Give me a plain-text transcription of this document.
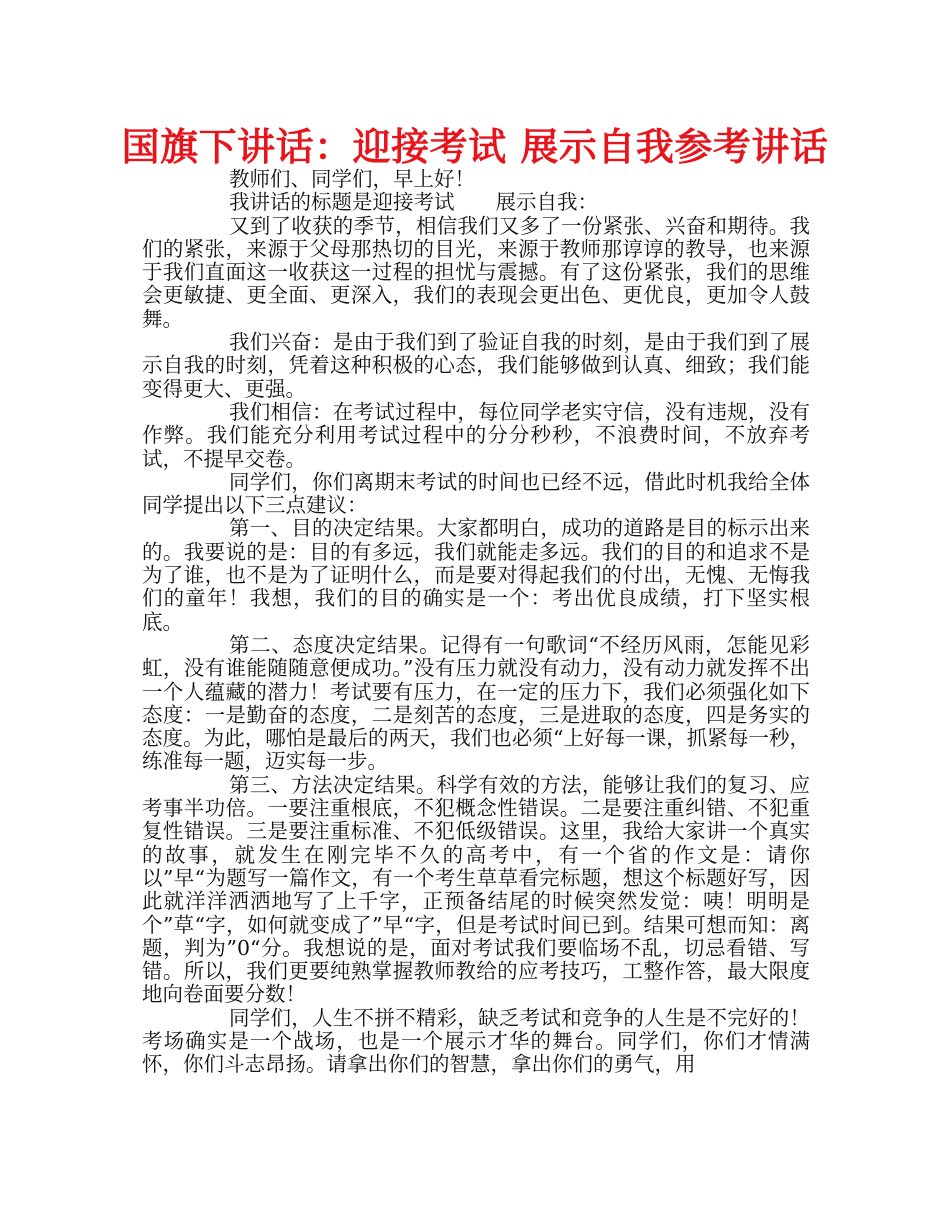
国旗下讲话：迎接考试 展示自我参考讲话

教师们、同学们，早上好！

我讲话的标题是迎接考试　　展示自我：

又到了收获的季节，相信我们又多了一份紧张、兴奋和期待。我们的紧张，来源于父母那热切的目光，来源于教师那谆谆的教导，也来源于我们直面这一收获这一过程的担忧与震撼。有了这份紧张，我们的思维会更敏捷、更全面、更深入，我们的表现会更出色、更优良，更加令人鼓舞。

我们兴奋：是由于我们到了验证自我的时刻，是由于我们到了展示自我的时刻，凭着这种积极的心态，我们能够做到认真、细致；我们能变得更大、更强。

我们相信：在考试过程中，每位同学老实守信，没有违规，没有作弊。我们能充分利用考试过程中的分分秒秒，不浪费时间，不放弃考试，不提早交卷。

同学们，你们离期末考试的时间也已经不远，借此时机我给全体同学提出以下三点建议：

第一、目的决定结果。大家都明白，成功的道路是目的标示出来的。我要说的是：目的有多远，我们就能走多远。我们的目的和追求不是为了谁，也不是为了证明什么，而是要对得起我们的付出，无愧、无悔我们的童年！我想，我们的目的确实是一个：考出优良成绩，打下坚实根底。

第二、态度决定结果。记得有一句歌词“不经历风雨，怎能见彩虹，没有谁能随随意便成功。”没有压力就没有动力，没有动力就发挥不出一个人蕴藏的潜力！考试要有压力，在一定的压力下，我们必须强化如下态度：一是勤奋的态度，二是刻苦的态度，三是进取的态度，四是务实的态度。为此，哪怕是最后的两天，我们也必须“上好每一课，抓紧每一秒，练准每一题，迈实每一步。

第三、方法决定结果。科学有效的方法，能够让我们的复习、应考事半功倍。一要注重根底，不犯概念性错误。二是要注重纠错、不犯重复性错误。三是要注重标准、不犯低级错误。这里，我给大家讲一个真实的故事，就发生在刚完毕不久的高考中，有一个省的作文是：请你以”早“为题写一篇作文，有一个考生草草看完标题，想这个标题好写，因此就洋洋洒洒地写了上千字，正预备结尾的时候突然发觉：咦！明明是个”草“字，如何就变成了”早“字，但是考试时间已到。结果可想而知：离题，判为”0“分。我想说的是，面对考试我们要临场不乱，切忌看错、写错。所以，我们更要纯熟掌握教师教给的应考技巧，工整作答，最大限度地向卷面要分数！

同学们，人生不拼不精彩，缺乏考试和竞争的人生是不完好的！考场确实是一个战场，也是一个展示才华的舞台。同学们，你们才情满怀，你们斗志昂扬。请拿出你们的智慧，拿出你们的勇气，用
